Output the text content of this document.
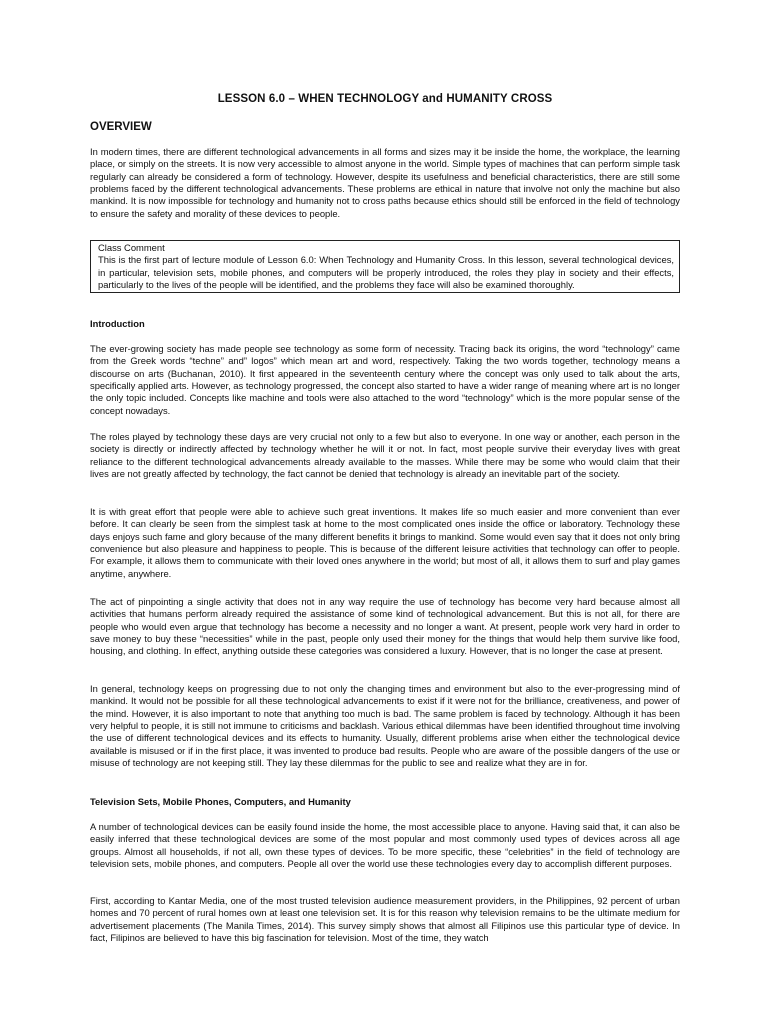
LESSON 6.0 – WHEN TECHNOLOGY and HUMANITY CROSS
OVERVIEW

In modern times, there are different technological advancements in all forms and sizes may it be inside the home, the workplace, the learning place, or simply on the streets. It is now very accessible to almost anyone in the world. Simple types of machines that can perform simple task regularly can already be considered a form of technology. However, despite its usefulness and beneficial characteristics, there are still some problems faced by the different technological advancements. These problems are ethical in nature that involve not only the machine but also mankind. It is now impossible for technology and humanity not to cross paths because ethics should still be enforced in the field of technology to ensure the safety and morality of these devices to people.

Class Comment
This is the first part of lecture module of Lesson 6.0: When Technology and Humanity Cross. In this lesson, several technological devices, in particular, television sets, mobile phones, and computers will be properly introduced, the roles they play in society and their effects, particularly to the lives of the people will be identified, and the problems they face will also be examined thoroughly.
Introduction

The ever-growing society has made people see technology as some form of necessity. Tracing back its origins, the word “technology” came from the Greek words “techne” and” logos” which mean art and word, respectively. Taking the two words together, technology means a discourse on arts (Buchanan, 2010). It first appeared in the seventeenth century where the concept was only used to talk about the arts, specifically applied arts. However, as technology progressed, the concept also started to have a wider range of meaning where art is no longer the only topic included. Concepts like machine and tools were also attached to the word “technology” which is the more popular sense of the concept nowadays.

The roles played by technology these days are very crucial not only to a few but also to everyone. In one way or another, each person in the society is directly or indirectly affected by technology whether he will it or not. In fact, most people survive their everyday lives with great reliance to the different technological advancements already available to the masses. While there may be some who would claim that their lives are not greatly affected by technology, the fact cannot be denied that technology is already an inevitable part of the society.

It is with great effort that people were able to achieve such great inventions. It makes life so much easier and more convenient than ever before. It can clearly be seen from the simplest task at home to the most complicated ones inside the office or laboratory. Technology these days enjoys such fame and glory because of the many different benefits it brings to mankind. Some would even say that it does not only bring convenience but also pleasure and happiness to people. This is because of the different leisure activities that technology can offer to people. For example, it allows them to communicate with their loved ones anywhere in the world; but most of all, it allows them to surf and play games anytime, anywhere.

The act of pinpointing a single activity that does not in any way require the use of technology has become very hard because almost all activities that humans perform already required the assistance of some kind of technological advancement. But this is not all, for there are people who would even argue that technology has become a necessity and no longer a want. At present, people work very hard in order to save money to buy these “necessities” while in the past, people only used their money for the things that would help them survive like food, housing, and clothing. In effect, anything outside these categories was considered a luxury. However, that is no longer the case at present.

In general, technology keeps on progressing due to not only the changing times and environment but also to the ever-progressing mind of mankind. It would not be possible for all these technological advancements to exist if it were not for the brilliance, creativeness, and power of the mind. However, it is also important to note that anything too much is bad. The same problem is faced by technology. Although it has been very helpful to people, it is still not immune to criticisms and backlash. Various ethical dilemmas have been identified throughout time involving the use of different technological devices and its effects to humanity. Usually, different problems arise when either the technological device available is misused or if in the first place, it was invented to produce bad results. People who are aware of the possible dangers of the use or misuse of technology are not keeping still. They lay these dilemmas for the public to see and realize what they are in for.

Television Sets, Mobile Phones, Computers, and Humanity

A number of technological devices can be easily found inside the home, the most accessible place to anyone. Having said that, it can also be easily inferred that these technological devices are some of the most popular and most commonly used types of devices across all age groups. Almost all households, if not all, own these types of devices. To be more specific, these “celebrities” in the field of technology are television sets, mobile phones, and computers. People all over the world use these technologies every day to accomplish different purposes.

First, according to Kantar Media, one of the most trusted television audience measurement providers, in the Philippines, 92 percent of urban homes and 70 percent of rural homes own at least one television set. It is for this reason why television remains to be the ultimate medium for advertisement placements (The Manila Times, 2014). This survey simply shows that almost all Filipinos use this particular type of device. In fact, Filipinos are believed to have this big fascination for television. Most of the time, they watch
